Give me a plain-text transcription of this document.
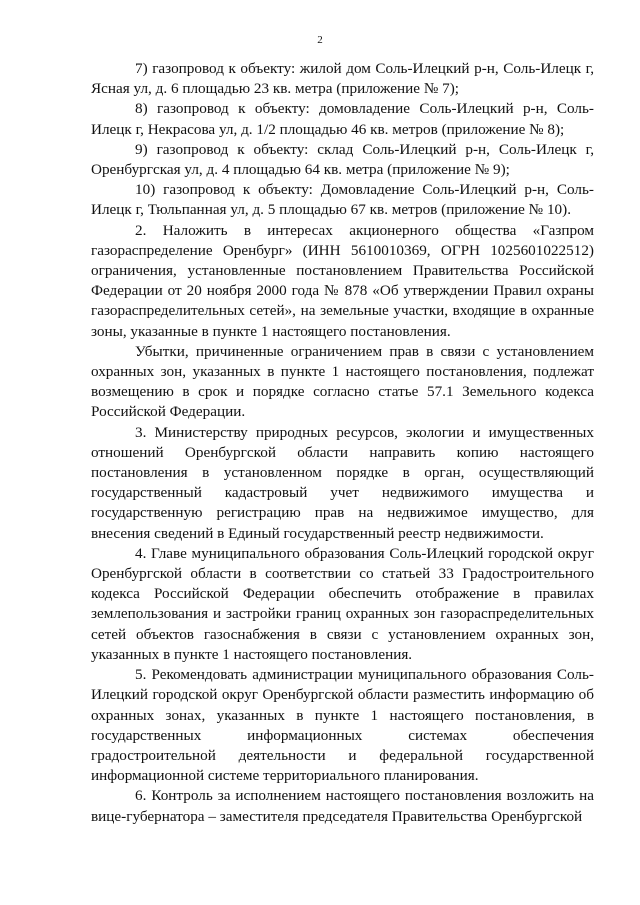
2

7) газопровод к объекту: жилой дом Соль-Илецкий р-н, Соль-Илецк г, Ясная ул, д. 6 площадью 23 кв. метра (приложение № 7);

8) газопровод к объекту: домовладение Соль-Илецкий р-н, Соль-Илецк г, Некрасова ул, д. 1/2 площадью 46 кв. метров (приложение № 8);

9) газопровод к объекту: склад Соль-Илецкий р-н, Соль-Илецк г, Оренбургская ул, д. 4 площадью 64 кв. метра (приложение № 9);

10) газопровод к объекту: Домовладение Соль-Илецкий р-н, Соль-Илецк г, Тюльпанная ул, д. 5 площадью 67 кв. метров (приложение № 10).

2. Наложить в интересах акционерного общества «Газпром газораспределение Оренбург» (ИНН 5610010369, ОГРН 1025601022512) ограничения, установленные постановлением Правительства Российской Федерации от 20 ноября 2000 года № 878 «Об утверждении Правил охраны газораспределительных сетей», на земельные участки, входящие в охранные зоны, указанные в пункте 1 настоящего постановления.

Убытки, причиненные ограничением прав в связи с установлением охранных зон, указанных в пункте 1 настоящего постановления, подлежат возмещению в срок и порядке согласно статье 57.1 Земельного кодекса Российской Федерации.

3. Министерству природных ресурсов, экологии и имущественных отношений Оренбургской области направить копию настоящего постановления в установленном порядке в орган, осуществляющий государственный кадастровый учет недвижимого имущества и государственную регистрацию прав на недвижимое имущество, для внесения сведений в Единый государственный реестр недвижимости.

4. Главе муниципального образования Соль-Илецкий городской округ Оренбургской области в соответствии со статьей 33 Градостроительного кодекса Российской Федерации обеспечить отображение в правилах землепользования и застройки границ охранных зон газораспределительных сетей объектов газоснабжения в связи с установлением охранных зон, указанных в пункте 1 настоящего постановления.

5. Рекомендовать администрации муниципального образования Соль-Илецкий городской округ Оренбургской области разместить информацию об охранных зонах, указанных в пункте 1 настоящего постановления, в государственных информационных системах обеспечения градостроительной деятельности и федеральной государственной информационной системе территориального планирования.

6. Контроль за исполнением настоящего постановления возложить на вице-губернатора – заместителя председателя Правительства Оренбургской
